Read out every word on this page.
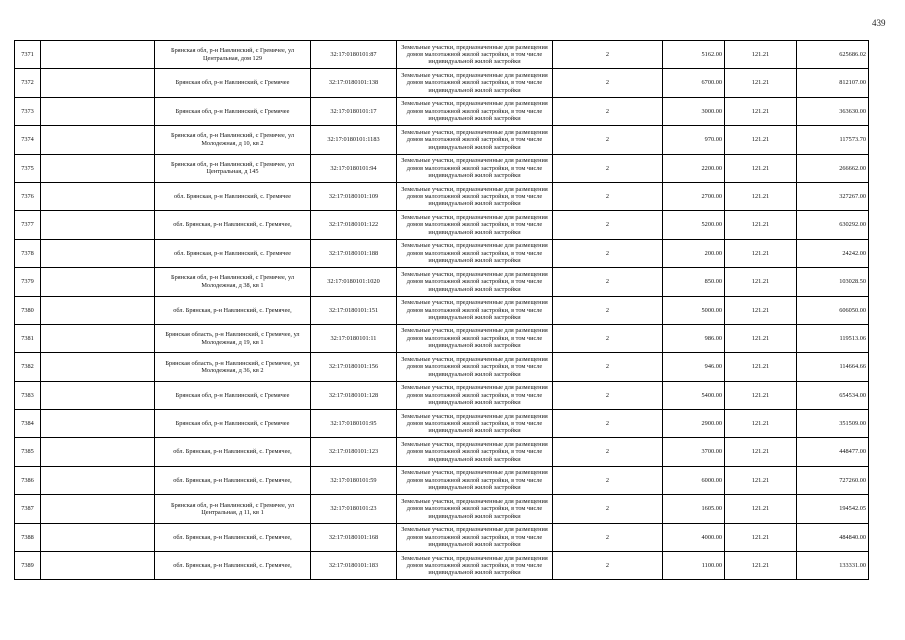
439
7371		Брянская обл, р-н Навлинский, с Гремячее, ул Центральная, дом 129	32:17:0180101:87	Земельные участки, предназначенные для размещения домов малоэтажной жилой застройки, в том числе индивидуальной жилой застройки	2	5162.00	121.21	625686.02
7372		Брянская обл, р-н Навлинский, с Гремячее	32:17:0180101:138	Земельные участки, предназначенные для размещения домов малоэтажной жилой застройки, в том числе индивидуальной жилой застройки	2	6700.00	121.21	812107.00
7373		Брянская обл, р-н Навлинский, с Гремячее	32:17:0180101:17	Земельные участки, предназначенные для размещения домов малоэтажной жилой застройки, в том числе индивидуальной жилой застройки	2	3000.00	121.21	363630.00
7374		Брянская обл, р-н Навлинский, с Гремячее, ул Молодежная, д 10, кв 2	32:17:0180101:1183	Земельные участки, предназначенные для размещения домов малоэтажной жилой застройки, в том числе индивидуальной жилой застройки	2	970.00	121.21	117573.70
7375		Брянская обл, р-н Навлинский, с Гремячее, ул Центральная, д 145	32:17:0180101:94	Земельные участки, предназначенные для размещения домов малоэтажной жилой застройки, в том числе индивидуальной жилой застройки	2	2200.00	121.21	266662.00
7376		обл. Брянская, р-н Навлинский, с. Гремячее	32:17:0180101:109	Земельные участки, предназначенные для размещения домов малоэтажной жилой застройки, в том числе индивидуальной жилой застройки	2	2700.00	121.21	327267.00
7377		обл. Брянская, р-н Навлинский, с. Гремячее,	32:17:0180101:122	Земельные участки, предназначенные для размещения домов малоэтажной жилой застройки, в том числе индивидуальной жилой застройки	2	5200.00	121.21	630292.00
7378		обл. Брянская, р-н Навлинский, с. Гремячее	32:17:0180101:188	Земельные участки, предназначенные для размещения домов малоэтажной жилой застройки, в том числе индивидуальной жилой застройки	2	200.00	121.21	24242.00
7379		Брянская обл, р-н Навлинский, с Гремячее, ул Молодежная, д 38, кв 1	32:17:0180101:1020	Земельные участки, предназначенные для размещения домов малоэтажной жилой застройки, в том числе индивидуальной жилой застройки	2	850.00	121.21	103028.50
7380		обл. Брянская, р-н Навлинский, с. Гремячее,	32:17:0180101:151	Земельные участки, предназначенные для размещения домов малоэтажной жилой застройки, в том числе индивидуальной жилой застройки	2	5000.00	121.21	606050.00
7381		Брянская область, р-н Навлинский, с Гремячее, ул Молодежная, д 19, кв 1	32:17:0180101:11	Земельные участки, предназначенные для размещения домов малоэтажной жилой застройки, в том числе индивидуальной жилой застройки	2	986.00	121.21	119513.06
7382		Брянская область, р-н Навлинский, с Гремячее, ул Молодежная, д 36, кв 2	32:17:0180101:156	Земельные участки, предназначенные для размещения домов малоэтажной жилой застройки, в том числе индивидуальной жилой застройки	2	946.00	121.21	114664.66
7383		Брянская обл, р-н Навлинский, с Гремячее	32:17:0180101:128	Земельные участки, предназначенные для размещения домов малоэтажной жилой застройки, в том числе индивидуальной жилой застройки	2	5400.00	121.21	654534.00
7384		Брянская обл, р-н Навлинский, с Гремячее	32:17:0180101:95	Земельные участки, предназначенные для размещения домов малоэтажной жилой застройки, в том числе индивидуальной жилой застройки	2	2900.00	121.21	351509.00
7385		обл. Брянская, р-н Навлинский, с. Гремячее,	32:17:0180101:123	Земельные участки, предназначенные для размещения домов малоэтажной жилой застройки, в том числе индивидуальной жилой застройки	2	3700.00	121.21	448477.00
7386		обл. Брянская, р-н Навлинский, с. Гремячее,	32:17:0180101:59	Земельные участки, предназначенные для размещения домов малоэтажной жилой застройки, в том числе индивидуальной жилой застройки	2	6000.00	121.21	727260.00
7387		Брянская обл, р-н Навлинский, с Гремячее, ул Центральная, д 11, кв 1	32:17:0180101:23	Земельные участки, предназначенные для размещения домов малоэтажной жилой застройки, в том числе индивидуальной жилой застройки	2	1605.00	121.21	194542.05
7388		обл. Брянская, р-н Навлинский, с. Гремячее,	32:17:0180101:168	Земельные участки, предназначенные для размещения домов малоэтажной жилой застройки, в том числе индивидуальной жилой застройки	2	4000.00	121.21	484840.00
7389		обл. Брянская, р-н Навлинский, с. Гремячее,	32:17:0180101:183	Земельные участки, предназначенные для размещения домов малоэтажной жилой застройки, в том числе индивидуальной жилой застройки	2	1100.00	121.21	133331.00
